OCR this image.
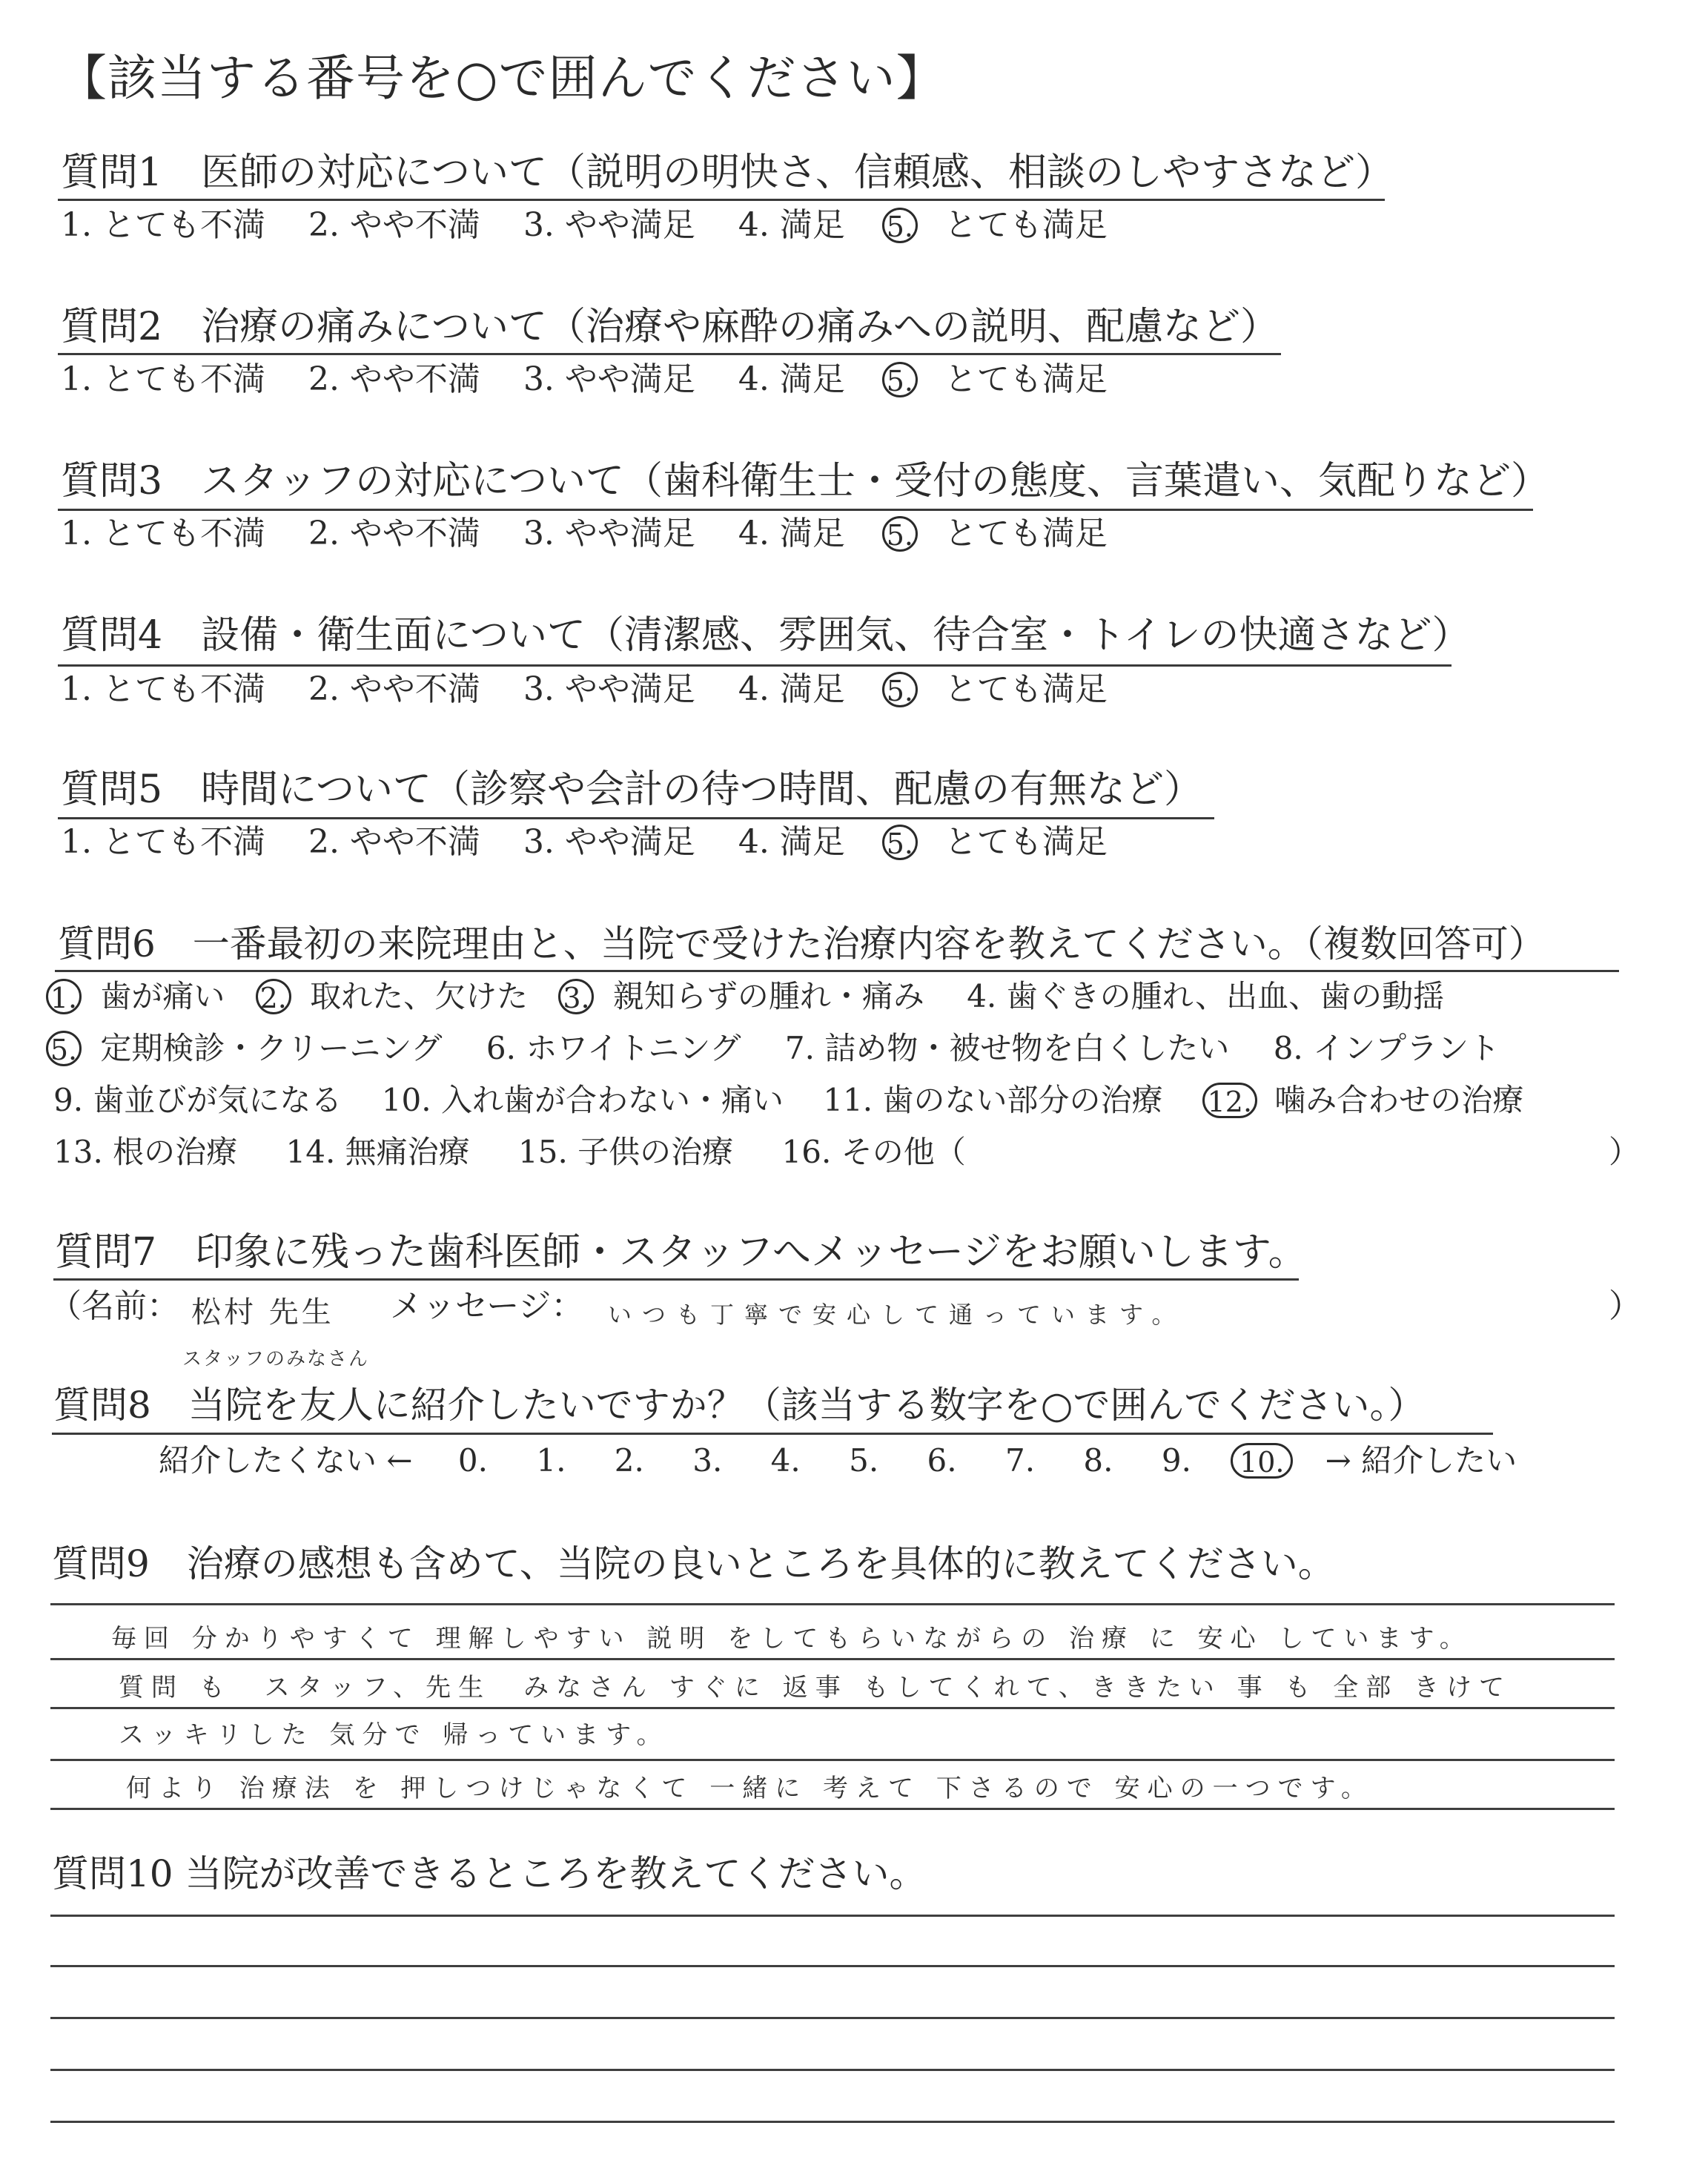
【該当する番号を○で囲んでください】
質問1　医師の対応について（説明の明快さ、信頼感、相談のしやすさなど）
1. とても不満 2. やや不満 3. やや満足 4. 満足 5. とても満足
質問2　治療の痛みについて（治療や麻酔の痛みへの説明、配慮など）
1. とても不満 2. やや不満 3. やや満足 4. 満足 5. とても満足
質問3　スタッフの対応について（歯科衛生士・受付の態度、言葉遣い、気配りなど）
1. とても不満 2. やや不満 3. やや満足 4. 満足 5. とても満足
質問4　設備・衛生面について（清潔感、雰囲気、待合室・トイレの快適さなど）
1. とても不満 2. やや不満 3. やや満足 4. 満足 5. とても満足
質問5　時間について（診察や会計の待つ時間、配慮の有無など）
1. とても不満 2. やや不満 3. やや満足 4. 満足 5. とても満足
質問6　一番最初の来院理由と、当院で受けた治療内容を教えてください。（複数回答可）
1. 歯が痛い 2. 取れた、欠けた 3. 親知らずの腫れ・痛み 4. 歯ぐきの腫れ、出血、歯の動揺
5. 定期検診・クリーニング 6. ホワイトニング 7. 詰め物・被せ物を白くしたい 8. インプラント
9. 歯並びが気になる 10. 入れ歯が合わない・痛い 11. 歯のない部分の治療 12. 噛み合わせの治療
13. 根の治療 14. 無痛治療 15. 子供の治療 16. その他（	）
質問7　印象に残った歯科医師・スタッフへメッセージをお願いします。
（名前： 松村 先生
スタッフのみなさん
メッセージ： いつも丁寧で安心して通っています。	）
質問8　当院を友人に紹介したいですか？（該当する数字を○で囲んでください。）
紹介したくない ← 0. 1. 2. 3. 4. 5. 6. 7. 8. 9. 10. → 紹介したい
質問9　治療の感想も含めて、当院の良いところを具体的に教えてください。
毎回 分かりやすくて 理解しやすい 説明 をしてもらいながらの 治療 に 安心 しています。
質問 も　スタッフ、先生　みなさん すぐに 返事 もしてくれて、ききたい 事 も 全部 きけて
スッキリした 気分で 帰っています。
何より 治療法 を 押しつけじゃなくて 一緒に 考えて 下さるので 安心の一つです。
質問10 当院が改善できるところを教えてください。
